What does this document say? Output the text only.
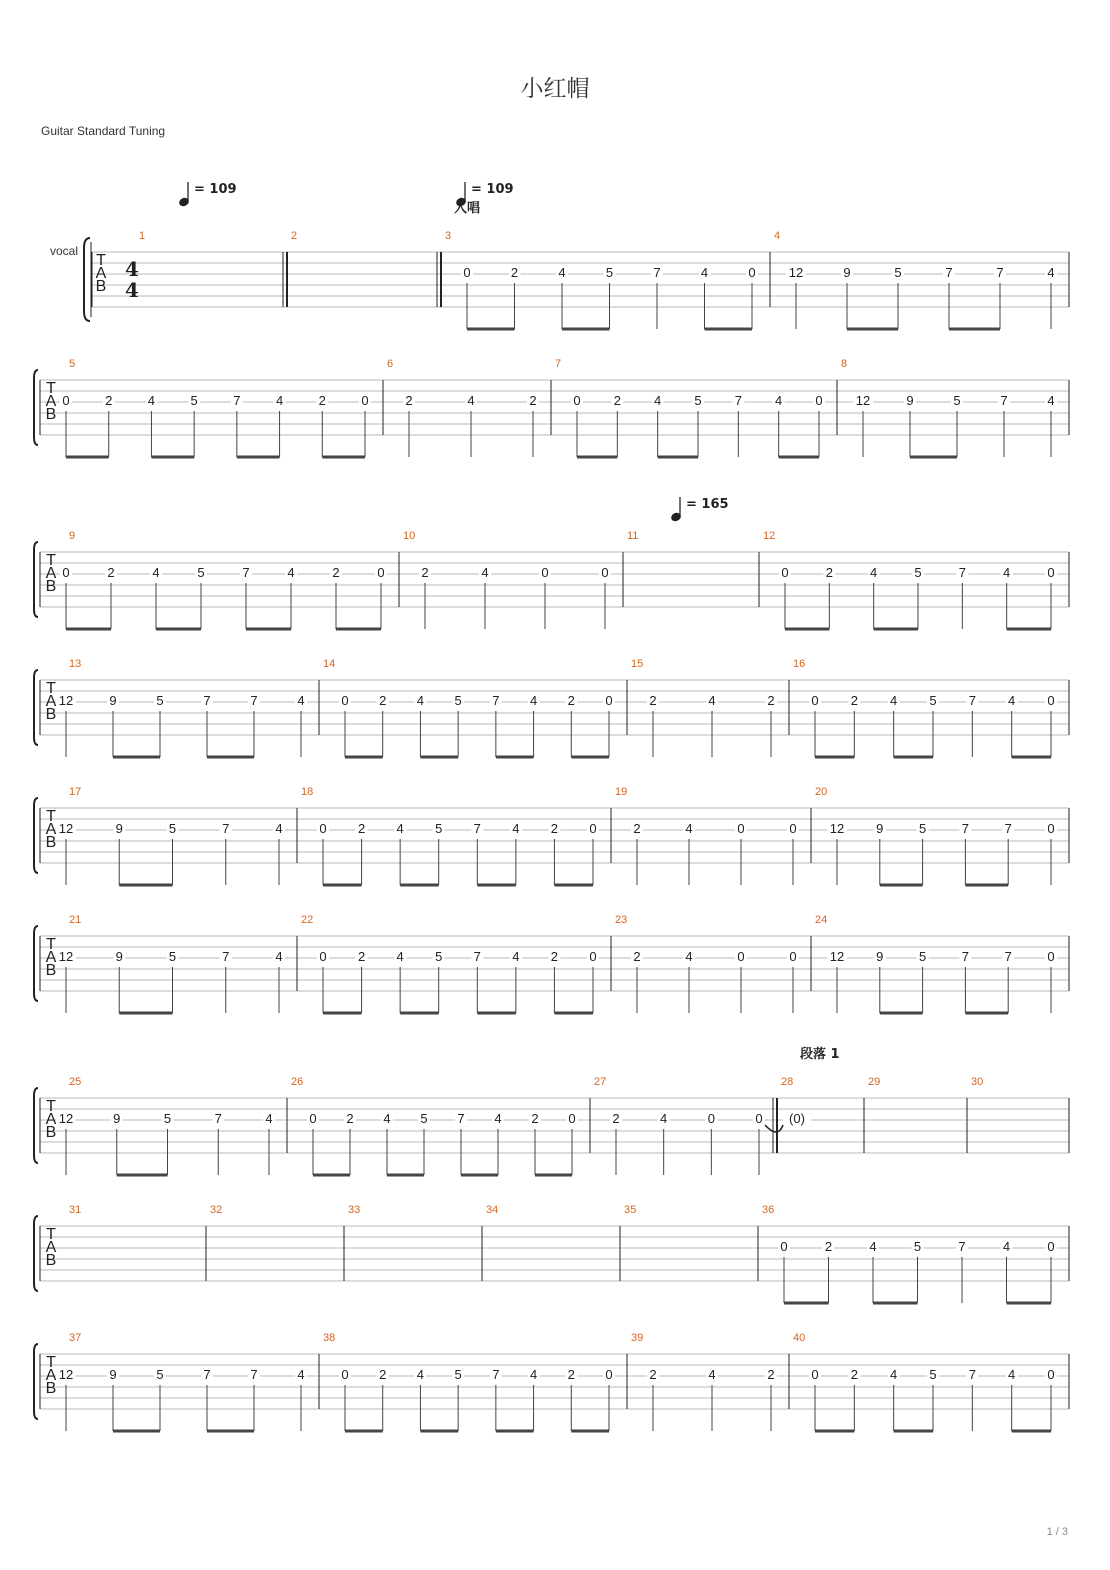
小红帽
Guitar Standard Tuning
vocal
T
A
B
1
4
4
2	3
0	2	4	5	7	4	0
4
12	9	5	7	7	4
T
A
B
5
0	2	4	5	7	4	2	0
6
2	4	2
7
0	2	4	5	7	4	0
8
12	9	5	7	4
T
A
B
9
0	2	4	5	7	4	2	0
10
2	4	0	0
11	12
0	2	4	5	7	4	0
T
A
B
13
12	9	5	7	7	4
14
0 2 4 5 7 4 2 0
15
2	4	2
16
0 2 4 5 7 4 0
T
A
B
17
12	9	5	7	4
18
0 2 4 5 7 4 2 0
19
2	4	0	0
20
12 9	5	7	7	0
T
A
B
21
12	9	5	7	4
22
0 2 4 5 7 4 2 0
23
2	4	0	0
24
12 9	5	7	7	0
T
A
B
25
12	9	5	7	4
26
0 2 4 5 7 4 2 0
27
2	4	0	0
28
(0)
29	30
T
A
B
31	32	33	34	35	36
0	2	4	5	7	4	0
T
A
B
37
12	9	5	7	7	4
38
0 2 4 5 7 4 2 0
39
2	4	2
40
0 2 4 5 7 4 0
= 109	= 109
= 165
入唱
段落 1
1 / 3
